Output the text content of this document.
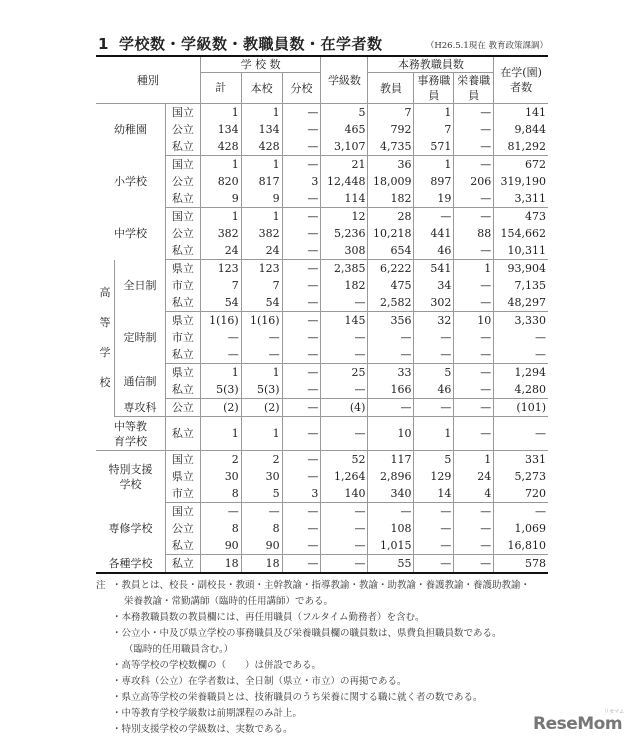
1 学校数・学級数・教職員数・在学者数	（H26.5.1現在 教育政策課調）
種別			学 校 数			学級数	本務教職員数			在学(園)者数
			計	本校	分校		教員	事務職員	栄養職員	
幼稚園		国立	1	1	—	5	7	1	—	141
		公立	134	134	—	465	792	7	—	9,844
		私立	428	428	—	3,107	4,735	571	—	81,292
小学校		国立	1	1	—	21	36	1	—	672
		公立	820	817	3	12,448	18,009	897	206	319,190
		私立	9	9	—	114	182	19	—	3,311
中学校		国立	1	1	—	12	28	—	—	473
		公立	382	382	—	5,236	10,218	441	88	154,662
		私立	24	24	—	308	654	46	—	10,311
高
等
学
校	全日制	県立	123	123	—	2,385	6,222	541	1	93,904
		市立	7	7	—	182	475	34	—	7,135
		私立	54	54	—	—	2,582	302	—	48,297
	定時制	県立	1(16)	1(16)	—	145	356	32	10	3,330
		市立	—	—	—	—	—	—	—	—
		私立	—	—	—	—	—	—	—	—
	通信制	県立	1	1	—	25	33	5	—	1,294
		私立	5(3)	5(3)	—	—	166	46	—	4,280
	専攻科	公立	(2)	(2)	—	(4)	—	—	—	(101)
中等教
育学校		私立	1	1	—	—	10	1	—	—
特別支援
学校		国立	2	2	—	52	117	5	1	331
		県立	30	30	—	1,264	2,896	129	24	5,273
		市立	8	5	3	140	340	14	4	720
専修学校		国立	—	—	—	—	—	—	—	—
		公立	8	8	—	—	108	—	—	1,069
		私立	90	90	—	—	1,015	—	—	16,810
各種学校		私立	18	18	—	—	55	—	—	578
注 ・教員とは、校長・副校長・教頭・主幹教諭・指導教諭・教諭・助教諭・養護教諭・養護助教諭・
栄養教諭・常勤講師（臨時的任用講師）である。
・本務教職員数の教員欄には、再任用職員（フルタイム勤務者）を含む。
・公立小・中及び県立学校の事務職員及び栄養職員欄の職員数は、県費負担職員数である。
（臨時的任用職員含む。）
・高等学校の学校数欄の（　　）は併設である。
・専攻科（公立）在学者数は、全日制（県立・市立）の再掲である。
・県立高等学校の栄養職員とは、技術職員のうち栄養に関する職に就く者の数である。
・中等教育学校学級数は前期課程のみ計上。
・特別支援学校の学級数は、実数である。	ReseMom
リセマム
